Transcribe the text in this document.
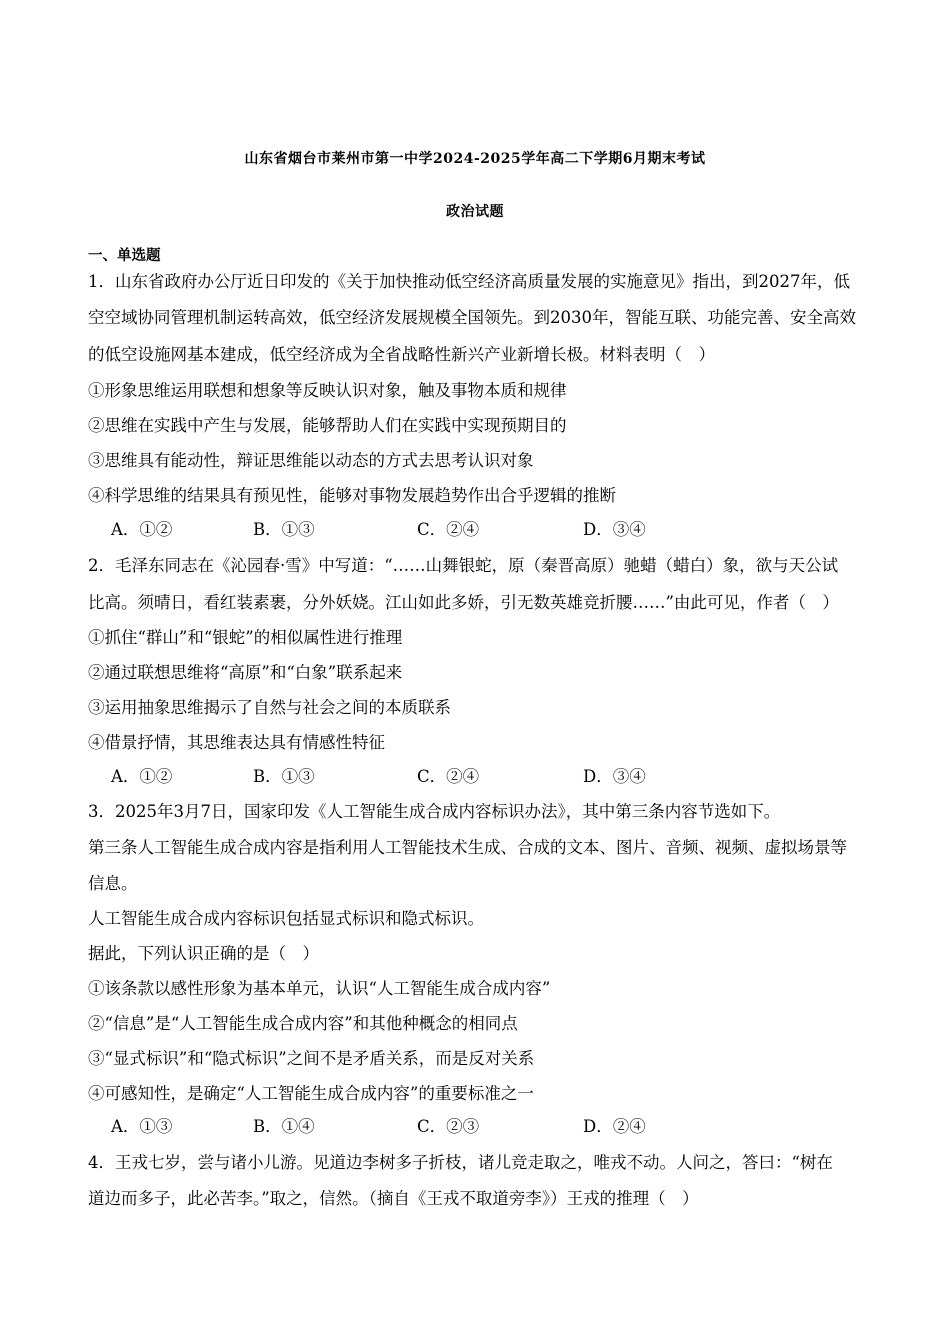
山东省烟台市莱州市第一中学2024-2025学年高二下学期6月期末考试
政治试题
一、单选题
1．山东省政府办公厅近日印发的《关于加快推动低空经济高质量发展的实施意见》指出，到2027年，低
空空域协同管理机制运转高效，低空经济发展规模全国领先。到2030年，智能互联、功能完善、安全高效
的低空设施网基本建成，低空经济成为全省战略性新兴产业新增长极。材料表明（　）
①形象思维运用联想和想象等反映认识对象，触及事物本质和规律
②思维在实践中产生与发展，能够帮助人们在实践中实现预期目的
③思维具有能动性，辩证思维能以动态的方式去思考认识对象
④科学思维的结果具有预见性，能够对事物发展趋势作出合乎逻辑的推断
A．①②	B．①③	C．②④	D．③④
2．毛泽东同志在《沁园春·雪》中写道：“……山舞银蛇，原（秦晋高原）驰蜡（蜡白）象，欲与天公试
比高。须晴日，看红装素裹，分外妖娆。江山如此多娇，引无数英雄竞折腰……”由此可见，作者（　）
①抓住“群山”和“银蛇”的相似属性进行推理
②通过联想思维将“高原”和“白象”联系起来
③运用抽象思维揭示了自然与社会之间的本质联系
④借景抒情，其思维表达具有情感性特征
A．①②	B．①③	C．②④	D．③④
3．2025年3月7日，国家印发《人工智能生成合成内容标识办法》，其中第三条内容节选如下。
第三条人工智能生成合成内容是指利用人工智能技术生成、合成的文本、图片、音频、视频、虚拟场景等
信息。
人工智能生成合成内容标识包括显式标识和隐式标识。
据此，下列认识正确的是（　）
①该条款以感性形象为基本单元，认识“人工智能生成合成内容”
②“信息”是“人工智能生成合成内容”和其他种概念的相同点
③“显式标识”和“隐式标识”之间不是矛盾关系，而是反对关系
④可感知性，是确定“人工智能生成合成内容”的重要标准之一
A．①③	B．①④	C．②③	D．②④
4．王戎七岁，尝与诸小儿游。见道边李树多子折枝，诸儿竞走取之，唯戎不动。人问之，答曰：“树在
道边而多子，此必苦李。”取之，信然。（摘自《王戎不取道旁李》）王戎的推理（　）
